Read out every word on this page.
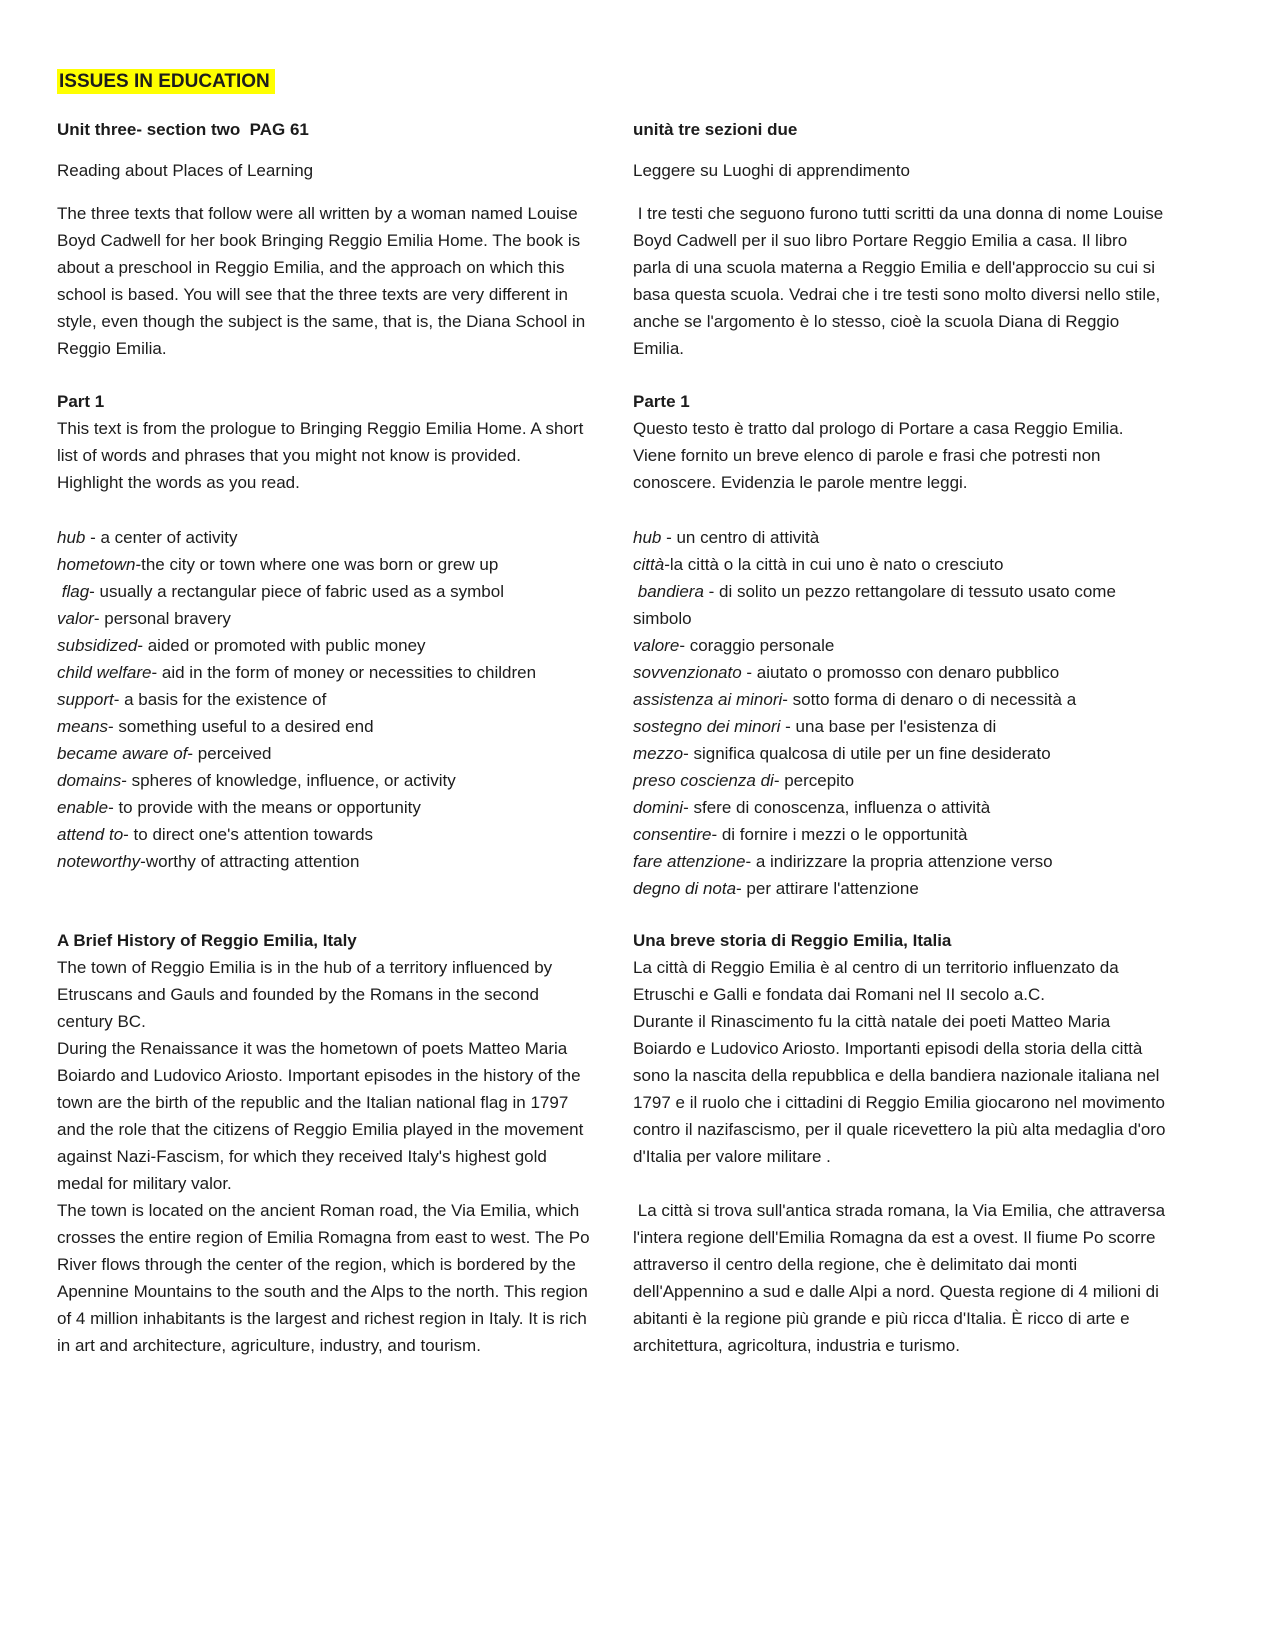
ISSUES IN EDUCATION

Unit three- section two  PAG 61

Reading about Places of Learning

The three texts that follow were all written by a woman named Louise Boyd Cadwell for her book Bringing Reggio Emilia Home. The book is about a preschool in Reggio Emilia, and the approach on which this school is based. You will see that the three texts are very different in style, even though the subject is the same, that is, the Diana School in Reggio Emilia.

Part 1

This text is from the prologue to Bringing Reggio Emilia Home. A short list of words and phrases that you might not know is provided. Highlight the words as you read.

hub - a center of activity

hometown-the city or town where one was born or grew up

flag- usually a rectangular piece of fabric used as a symbol

valor- personal bravery

subsidized- aided or promoted with public money

child welfare- aid in the form of money or necessities to children

support- a basis for the existence of

means- something useful to a desired end

became aware of- perceived

domains- spheres of knowledge, influence, or activity

enable- to provide with the means or opportunity

attend to- to direct one's attention towards

noteworthy-worthy of attracting attention

A Brief History of Reggio Emilia, Italy

The town of Reggio Emilia is in the hub of a territory influenced by Etruscans and Gauls and founded by the Romans in the second century BC.

During the Renaissance it was the hometown of poets Matteo Maria Boiardo and Ludovico Ariosto. Important episodes in the history of the town are the birth of the republic and the Italian national flag in 1797 and the role that the citizens of Reggio Emilia played in the movement against Nazi-Fascism, for which they received Italy's highest gold medal for military valor.

The town is located on the ancient Roman road, the Via Emilia, which crosses the entire region of Emilia Romagna from east to west. The Po River flows through the center of the region, which is bordered by the Apennine Mountains to the south and the Alps to the north. This region of 4 million inhabitants is the largest and richest region in Italy. It is rich in art and architecture, agriculture, industry, and tourism.

unità tre sezioni due

Leggere su Luoghi di apprendimento

I tre testi che seguono furono tutti scritti da una donna di nome Louise Boyd Cadwell per il suo libro Portare Reggio Emilia a casa. Il libro parla di una scuola materna a Reggio Emilia e dell'approccio su cui si basa questa scuola. Vedrai che i tre testi sono molto diversi nello stile, anche se l'argomento è lo stesso, cioè la scuola Diana di Reggio Emilia.

Parte 1

Questo testo è tratto dal prologo di Portare a casa Reggio Emilia. Viene fornito un breve elenco di parole e frasi che potresti non conoscere. Evidenzia le parole mentre leggi.

hub - un centro di attività

città-la città o la città in cui uno è nato o cresciuto

bandiera - di solito un pezzo rettangolare di tessuto usato come simbolo

valore- coraggio personale

sovvenzionato - aiutato o promosso con denaro pubblico

assistenza ai minori- sotto forma di denaro o di necessità a

sostegno dei minori - una base per l'esistenza di

mezzo- significa qualcosa di utile per un fine desiderato

preso coscienza di- percepito

domini- sfere di conoscenza, influenza o attività

consentire- di fornire i mezzi o le opportunità

fare attenzione- a indirizzare la propria attenzione verso

degno di nota- per attirare l'attenzione

Una breve storia di Reggio Emilia, Italia

La città di Reggio Emilia è al centro di un territorio influenzato da Etruschi e Galli e fondata dai Romani nel II secolo a.C.

Durante il Rinascimento fu la città natale dei poeti Matteo Maria Boiardo e Ludovico Ariosto. Importanti episodi della storia della città sono la nascita della repubblica e della bandiera nazionale italiana nel 1797 e il ruolo che i cittadini di Reggio Emilia giocarono nel movimento contro il nazifascismo, per il quale ricevettero la più alta medaglia d'oro d'Italia per valore militare .

La città si trova sull'antica strada romana, la Via Emilia, che attraversa l'intera regione dell'Emilia Romagna da est a ovest. Il fiume Po scorre attraverso il centro della regione, che è delimitato dai monti dell'Appennino a sud e dalle Alpi a nord. Questa regione di 4 milioni di abitanti è la regione più grande e più ricca d'Italia. È ricco di arte e architettura, agricoltura, industria e turismo.
